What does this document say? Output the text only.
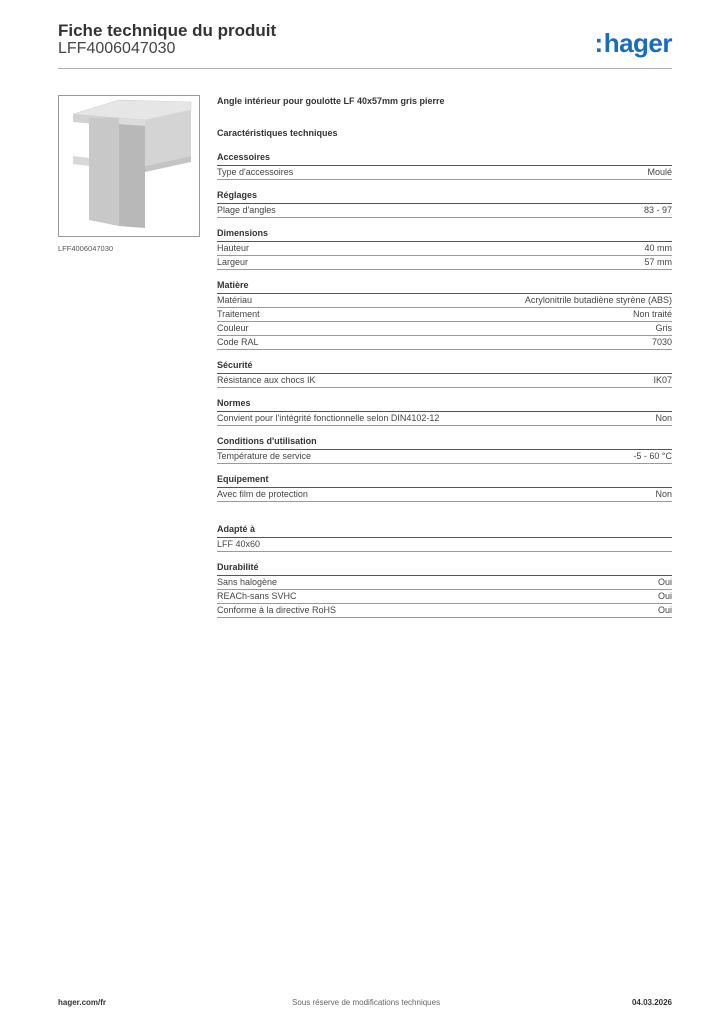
Fiche technique du produit
LFF4006047030	:hager
LFF4006047030
Angle intérieur pour goulotte LF 40x57mm gris pierre
Caractéristiques techniques
Accessoires
Type d'accessoires	Moulé
Réglages
Plage d'angles	83 - 97
Dimensions
Hauteur	40 mm
Largeur	57 mm
Matière
Matériau	Acrylonitrile butadiène styrène (ABS)
Traitement	Non traité
Couleur	Gris
Code RAL	7030
Sécurité
Résistance aux chocs IK	IK07
Normes
Convient pour l'intégrité fonctionnelle selon DIN4102-12	Non
Conditions d'utilisation
Température de service	-5 - 60 °C
Equipement
Avec film de protection	Non
Adapté à
LFF 40x60
Durabilité
Sans halogène	Oui
REACh-sans SVHC	Oui
Conforme à la directive RoHS	Oui
hager.com/fr	Sous réserve de modifications techniques	04.03.2026
